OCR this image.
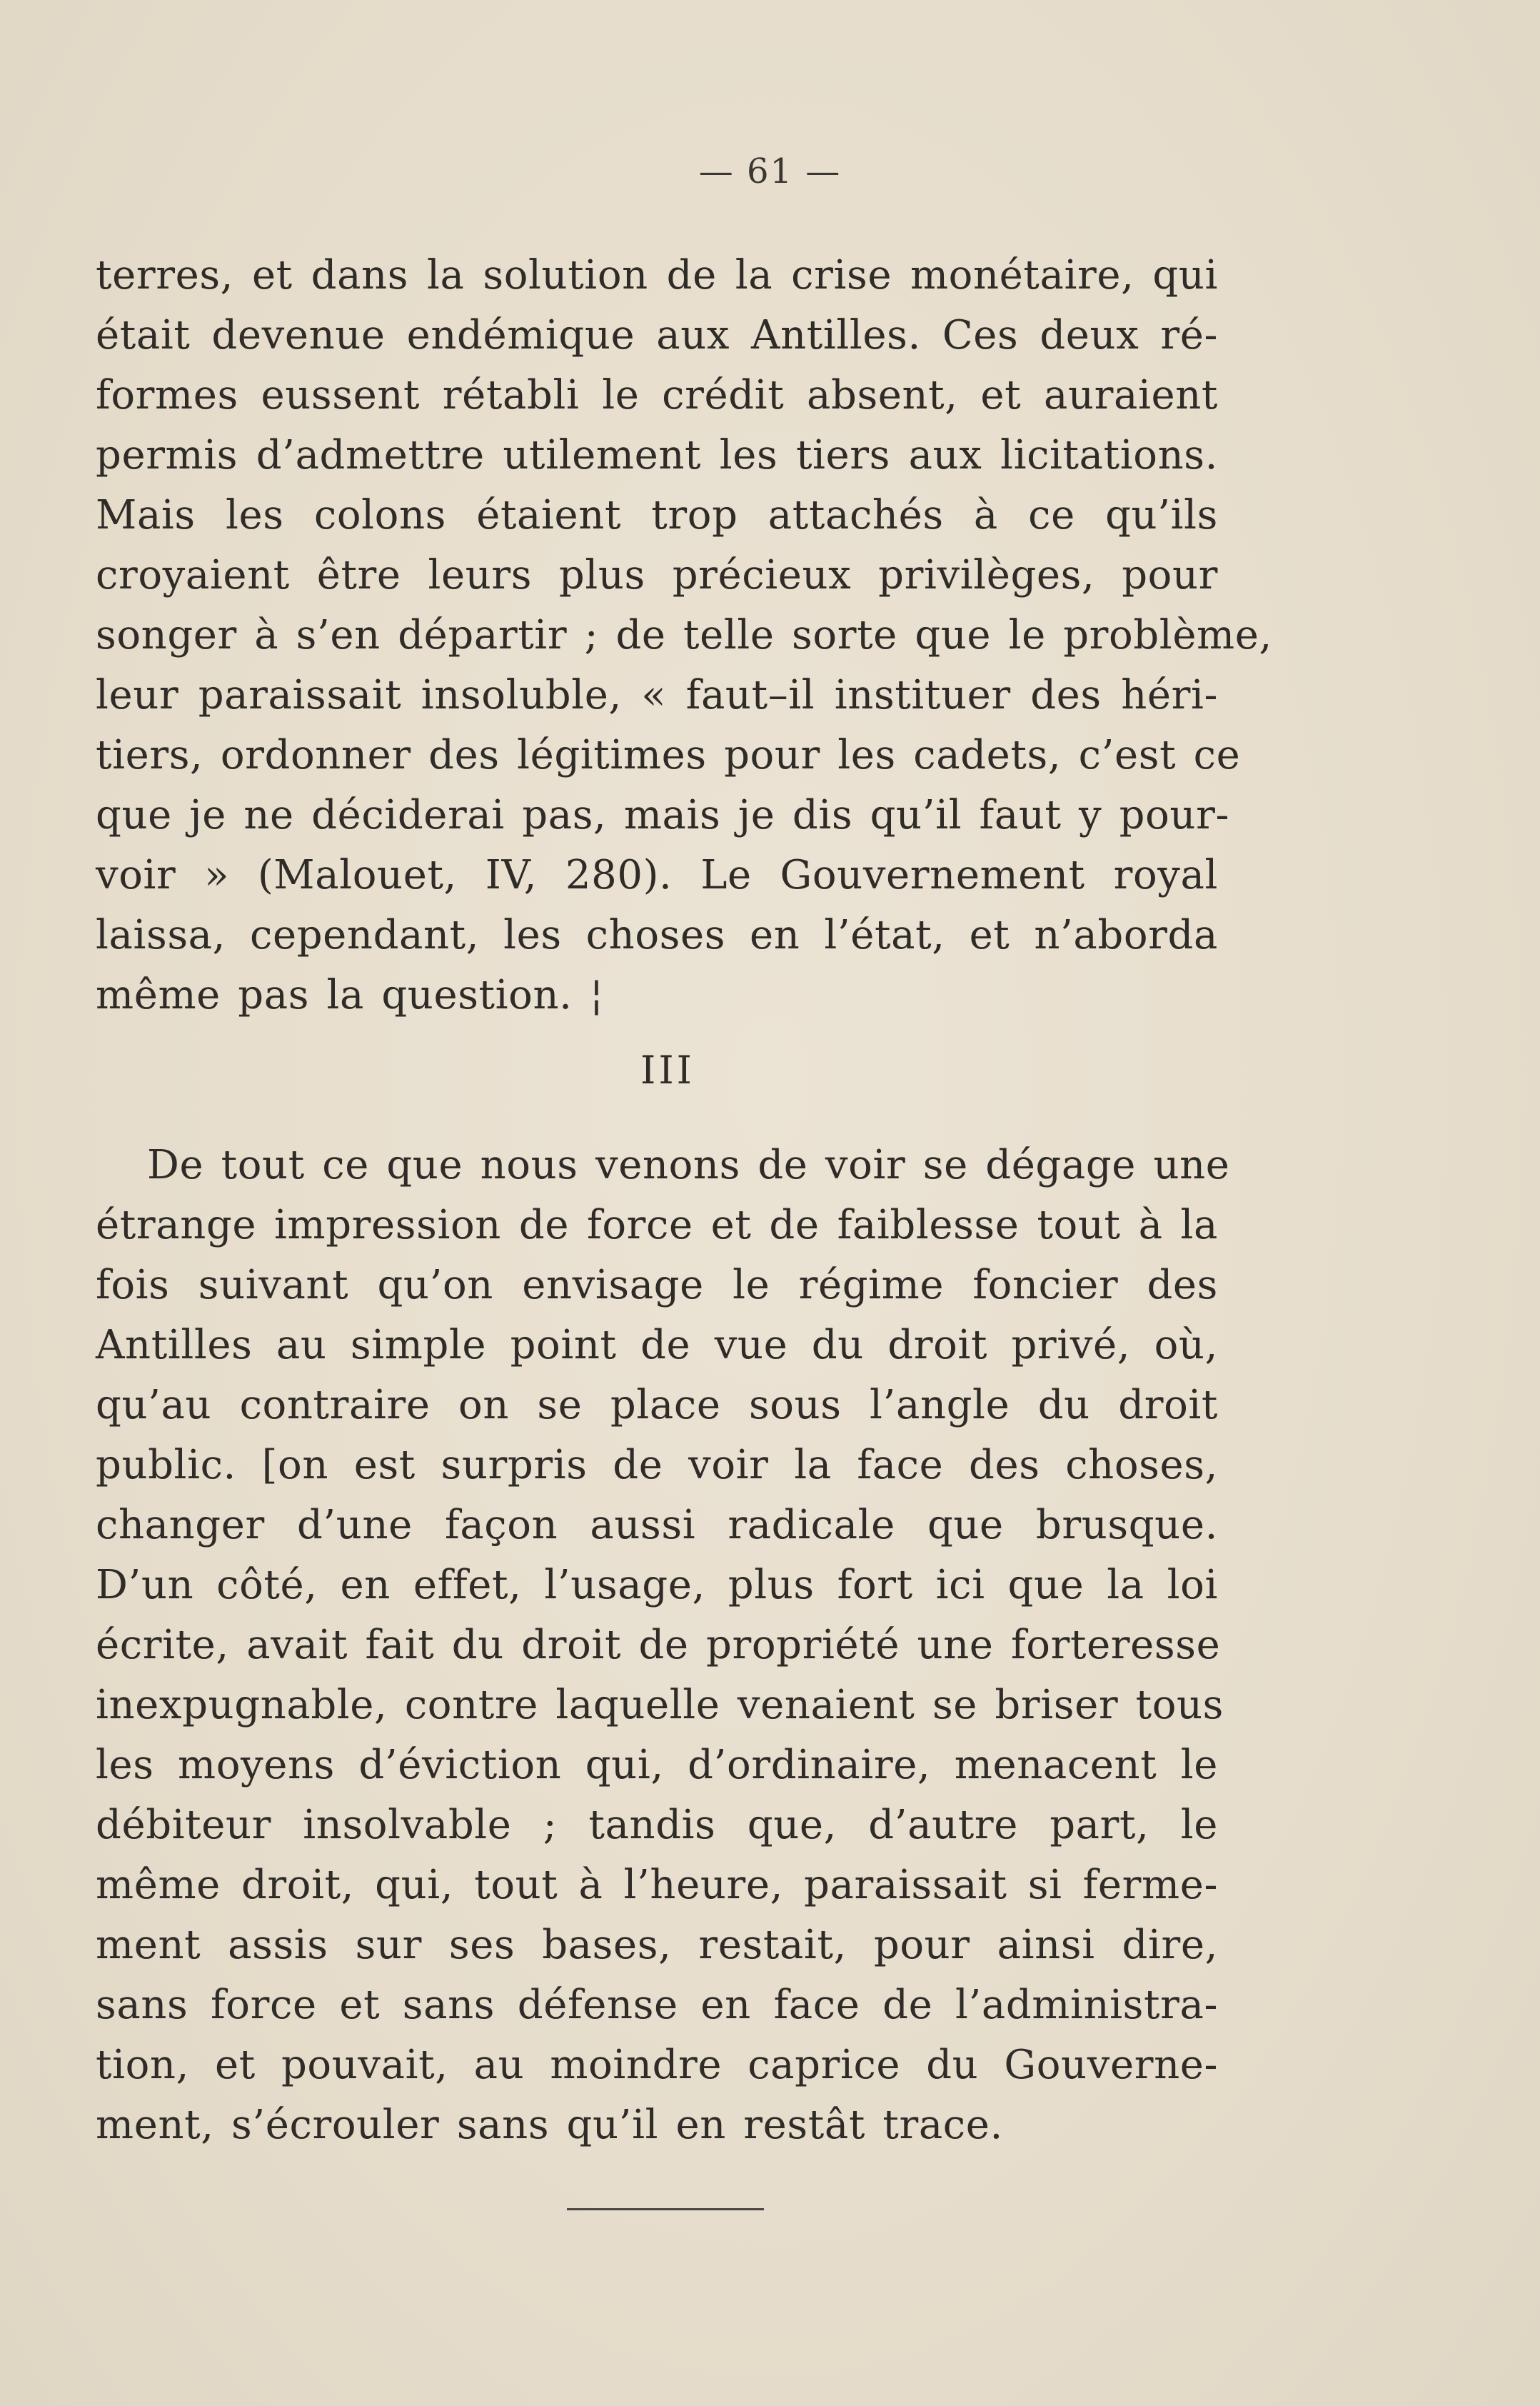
— 61 —
terres, et dans la solution de la crise monétaire, qui
était devenue endémique aux Antilles. Ces deux ré-
formes eussent rétabli le crédit absent, et auraient
permis d’admettre utilement les tiers aux licitations.
Mais les colons étaient trop attachés à ce qu’ils
croyaient être leurs plus précieux privilèges, pour
songer à s’en départir ; de telle sorte que le problème,
leur paraissait insoluble, « faut–il instituer des héri-
tiers, ordonner des légitimes pour les cadets, c’est ce
que je ne déciderai pas, mais je dis qu’il faut y pour-
voir » (Malouet, IV, 280). Le Gouvernement royal
laissa, cependant, les choses en l’état, et n’aborda
même pas la question. ¦
III
De tout ce que nous venons de voir se dégage une
étrange impression de force et de faiblesse tout à la
fois suivant qu’on envisage le régime foncier des
Antilles au simple point de vue du droit privé, où,
qu’au contraire on se place sous l’angle du droit
public. [on est surpris de voir la face des choses,
changer d’une façon aussi radicale que brusque.
D’un côté, en effet, l’usage, plus fort ici que la loi
écrite, avait fait du droit de propriété une forteresse
inexpugnable, contre laquelle venaient se briser tous
les moyens d’éviction qui, d’ordinaire, menacent le
débiteur insolvable ; tandis que, d’autre part, le
même droit, qui, tout à l’heure, paraissait si ferme-
ment assis sur ses bases, restait, pour ainsi dire,
sans force et sans défense en face de l’administra-
tion, et pouvait, au moindre caprice du Gouverne-
ment, s’écrouler sans qu’il en restât trace.
